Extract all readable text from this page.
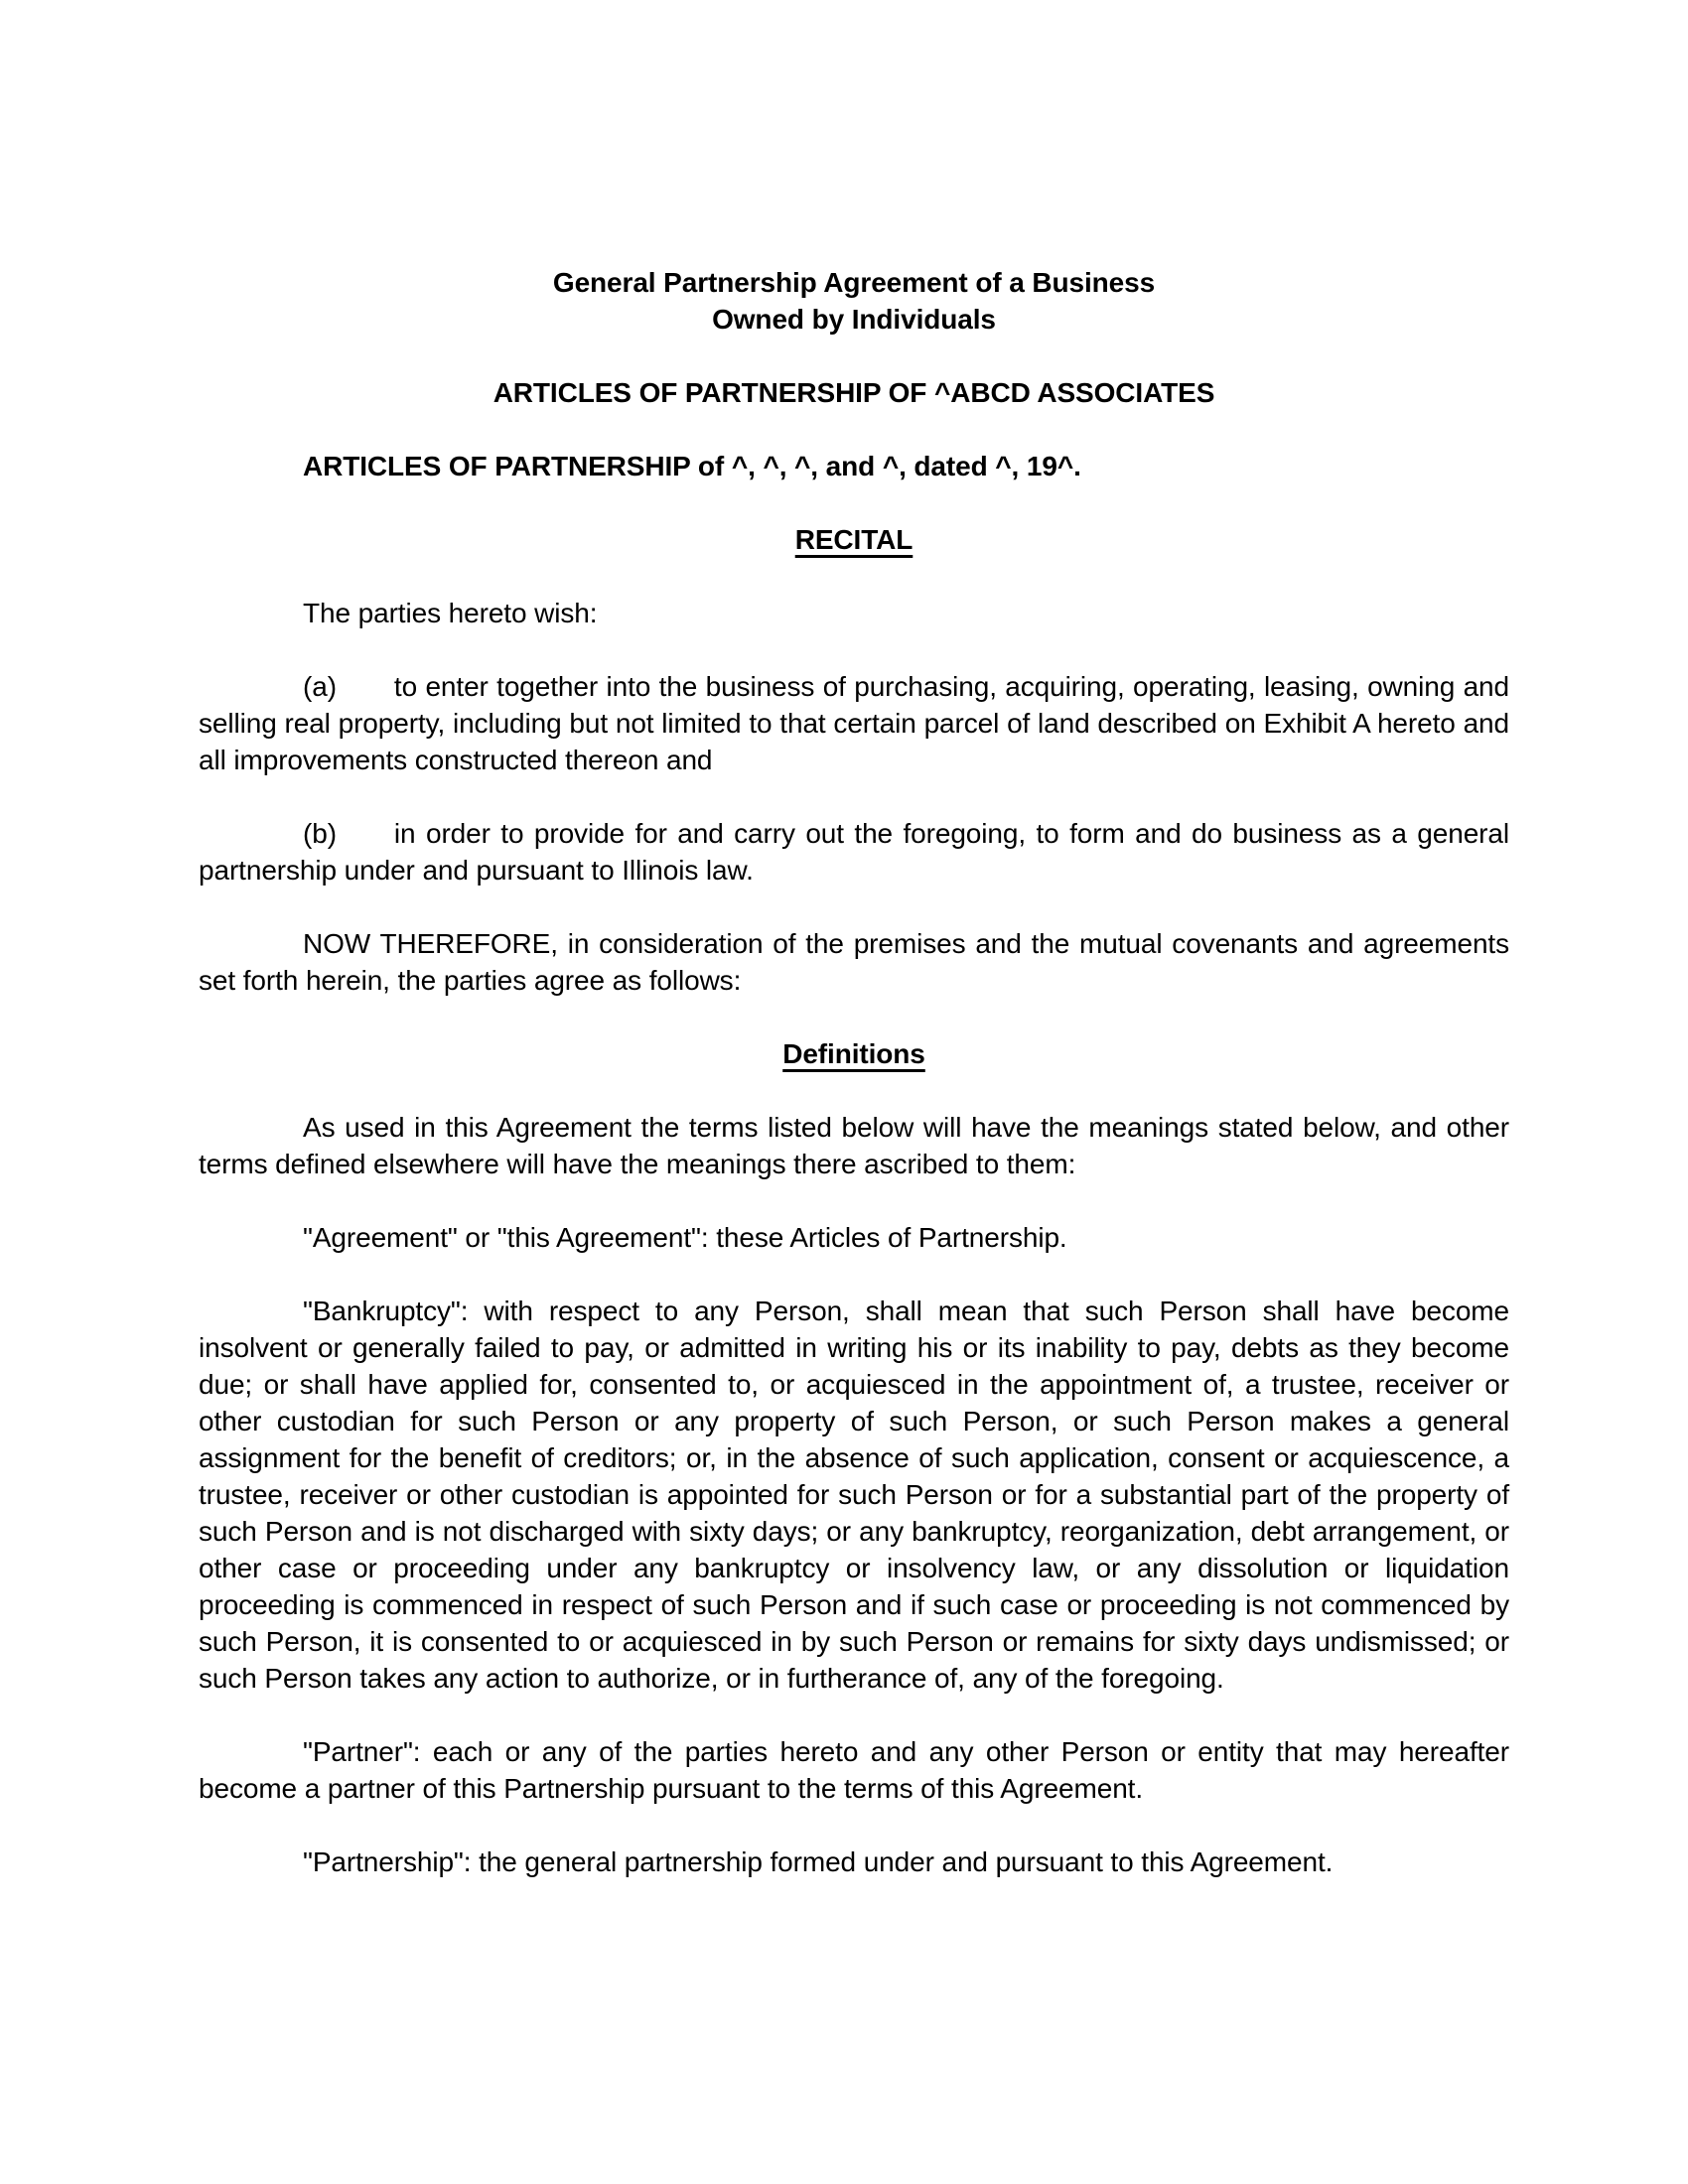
General Partnership Agreement of a Business
Owned by Individuals

ARTICLES OF PARTNERSHIP OF ^ABCD ASSOCIATES

ARTICLES OF PARTNERSHIP of ^, ^, ^, and ^, dated ^, 19^.

RECITAL

The parties hereto wish:

(a) to enter together into the business of purchasing, acquiring, operating, leasing, owning and selling real property, including but not limited to that certain parcel of land described on Exhibit A hereto and all improvements constructed thereon and

(b) in order to provide for and carry out the foregoing, to form and do business as a general partnership under and pursuant to Illinois law.

NOW THEREFORE, in consideration of the premises and the mutual covenants and agreements set forth herein, the parties agree as follows:

Definitions

As used in this Agreement the terms listed below will have the meanings stated below, and other terms defined elsewhere will have the meanings there ascribed to them:

"Agreement" or "this Agreement": these Articles of Partnership.

"Bankruptcy": with respect to any Person, shall mean that such Person shall have become insolvent or generally failed to pay, or admitted in writing his or its inability to pay, debts as they become due; or shall have applied for, consented to, or acquiesced in the appointment of, a trustee, receiver or other custodian for such Person or any property of such Person, or such Person makes a general assignment for the benefit of creditors; or, in the absence of such application, consent or acquiescence, a trustee, receiver or other custodian is appointed for such Person or for a substantial part of the property of such Person and is not discharged with sixty days; or any bankruptcy, reorganization, debt arrangement, or other case or proceeding under any bankruptcy or insolvency law, or any dissolution or liquidation proceeding is commenced in respect of such Person and if such case or proceeding is not commenced by such Person, it is consented to or acquiesced in by such Person or remains for sixty days undismissed; or such Person takes any action to authorize, or in furtherance of, any of the foregoing.

"Partner": each or any of the parties hereto and any other Person or entity that may hereafter become a partner of this Partnership pursuant to the terms of this Agreement.

"Partnership": the general partnership formed under and pursuant to this Agreement.
